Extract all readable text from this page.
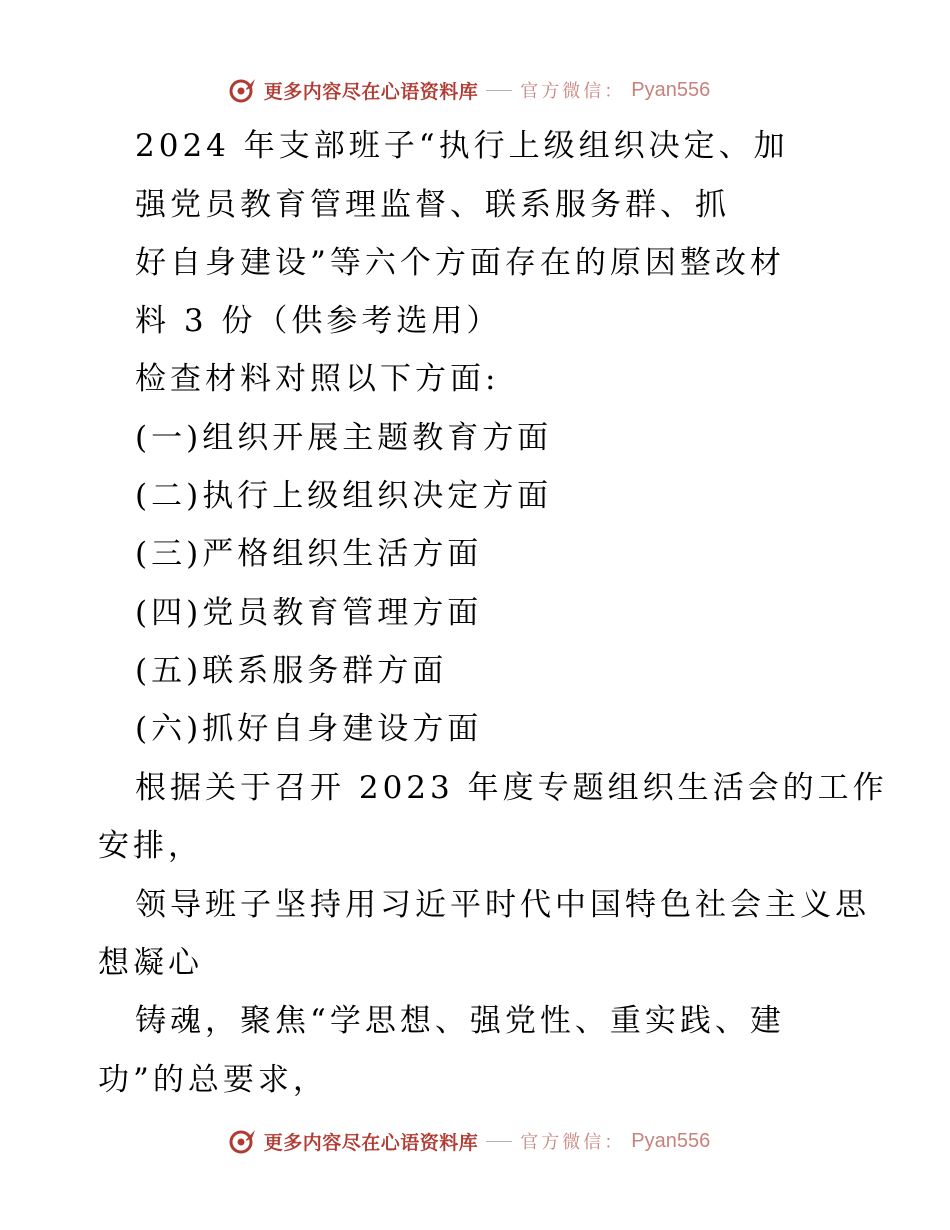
更多内容尽在心语资料库 官方微信： Pyan556

2024 年支部班子“执行上级组织决定、加

强党员教育管理监督、联系服务群、抓

好自身建设”等六个方面存在的原因整改材

料 3 份（供参考选用）

检查材料对照以下方面:

(一)组织开展主题教育方面

(二)执行上级组织决定方面

(三)严格组织生活方面

(四)党员教育管理方面

(五)联系服务群方面

(六)抓好自身建设方面

根据关于召开 2023 年度专题组织生活会的工作

安排，

领导班子坚持用习近平时代中国特色社会主义思

想凝心

铸魂，聚焦“学思想、强党性、重实践、建

功”的总要求，

更多内容尽在心语资料库 官方微信： Pyan556
